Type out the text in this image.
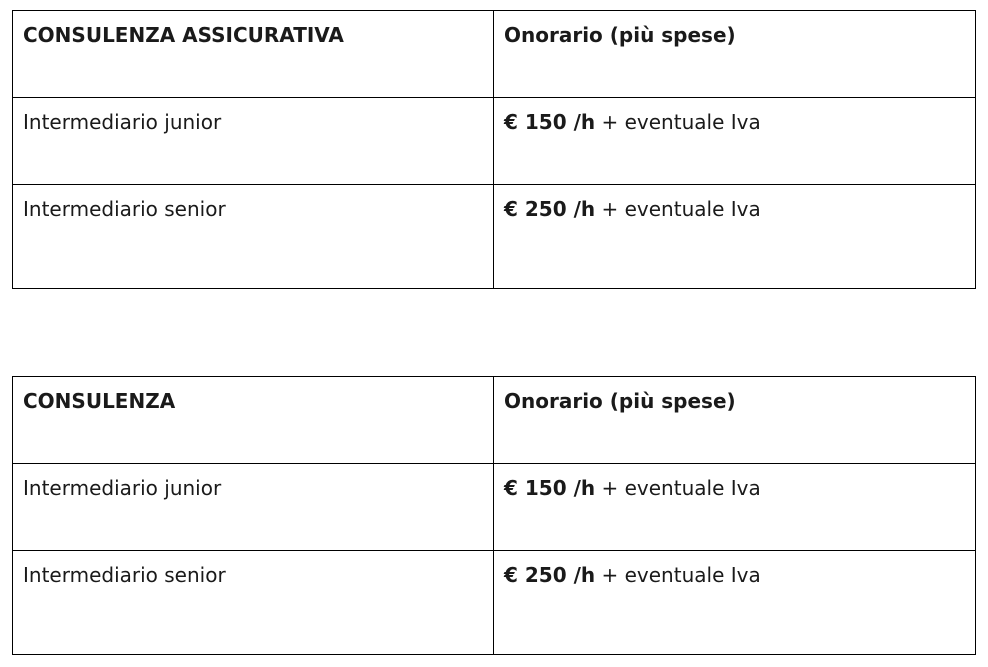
CONSULENZA ASSICURATIVA	Onorario (più spese)
Intermediario junior	€ 150 /h + eventuale Iva
Intermediario senior	€ 250 /h + eventuale Iva
CONSULENZA	Onorario (più spese)
Intermediario junior	€ 150 /h + eventuale Iva
Intermediario senior	€ 250 /h + eventuale Iva
